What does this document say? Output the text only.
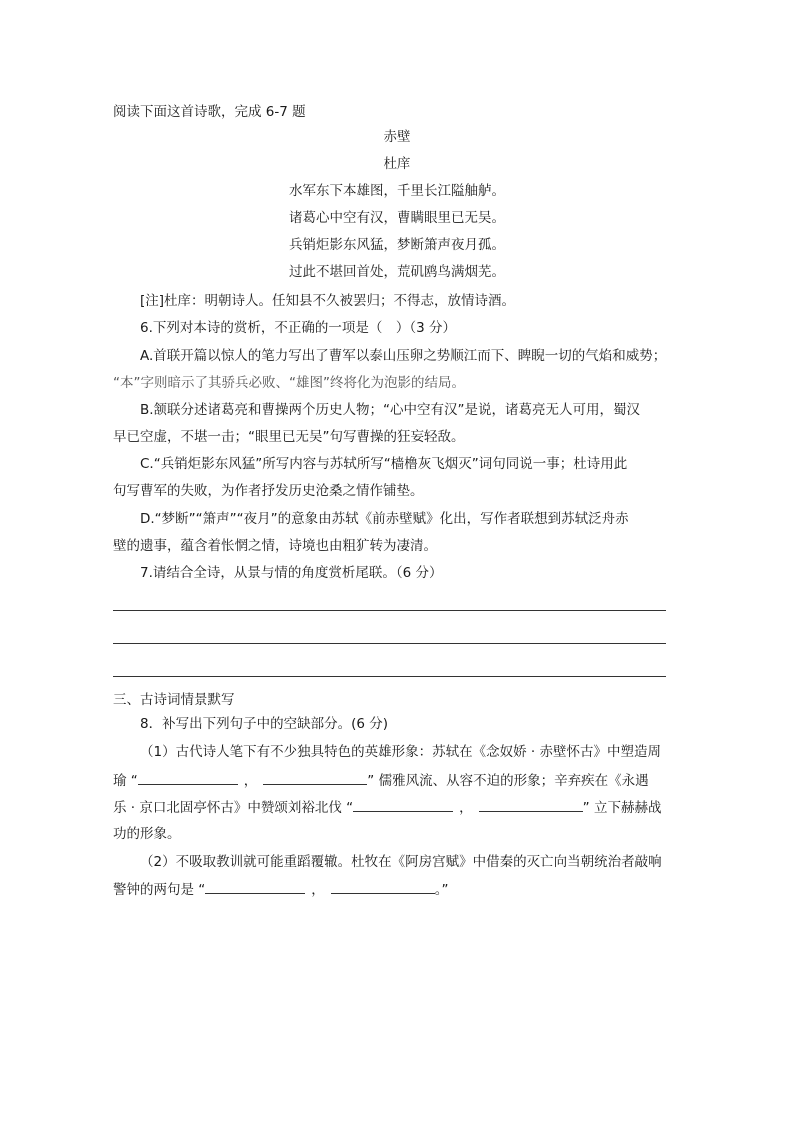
阅读下面这首诗歌，完成 6-7 题
赤壁
杜庠
水军东下本雄图，千里长江隘舳舻。
诸葛心中空有汉，曹瞒眼里已无吴。
兵销炬影东风猛，梦断箫声夜月孤。
过此不堪回首处，荒矶鸥鸟满烟芜。
[注]杜庠：明朝诗人。任知县不久被罢归；不得志，放情诗酒。
6.下列对本诗的赏析，不正确的一项是（　）（3 分）
A.首联开篇以惊人的笔力写出了曹军以泰山压卵之势顺江而下、睥睨一切的气焰和威势；
“本”字则暗示了其骄兵必败、“雄图”终将化为泡影的结局。
B.颔联分述诸葛亮和曹操两个历史人物；“心中空有汉”是说，诸葛亮无人可用，蜀汉
早已空虚，不堪一击；“眼里已无吴”句写曹操的狂妄轻敌。
C.“兵销炬影东风猛”所写内容与苏轼所写“樯橹灰飞烟灭”词句同说一事；杜诗用此
句写曹军的失败，为作者抒发历史沧桑之情作铺垫。
D.“梦断”“箫声”“夜月”的意象由苏轼《前赤壁赋》化出，写作者联想到苏轼泛舟赤
壁的遗事，蕴含着怅惘之情，诗境也由粗犷转为凄清。
7.请结合全诗，从景与情的角度赏析尾联。（6 分）
三、古诗词情景默写
8．补写出下列句子中的空缺部分。(6 分)
（1）古代诗人笔下有不少独具特色的英雄形象：苏轼在《念奴娇 · 赤壁怀古》中塑造周
瑜 “	，	” 儒雅风流、从容不迫的形象；辛弃疾在《永遇
乐 · 京口北固亭怀古》中赞颂刘裕北伐 “	，	” 立下赫赫战
功的形象。
（2）不吸取教训就可能重蹈覆辙。杜牧在《阿房宫赋》中借秦的灭亡向当朝统治者敲响
警钟的两句是 “	，	。”
